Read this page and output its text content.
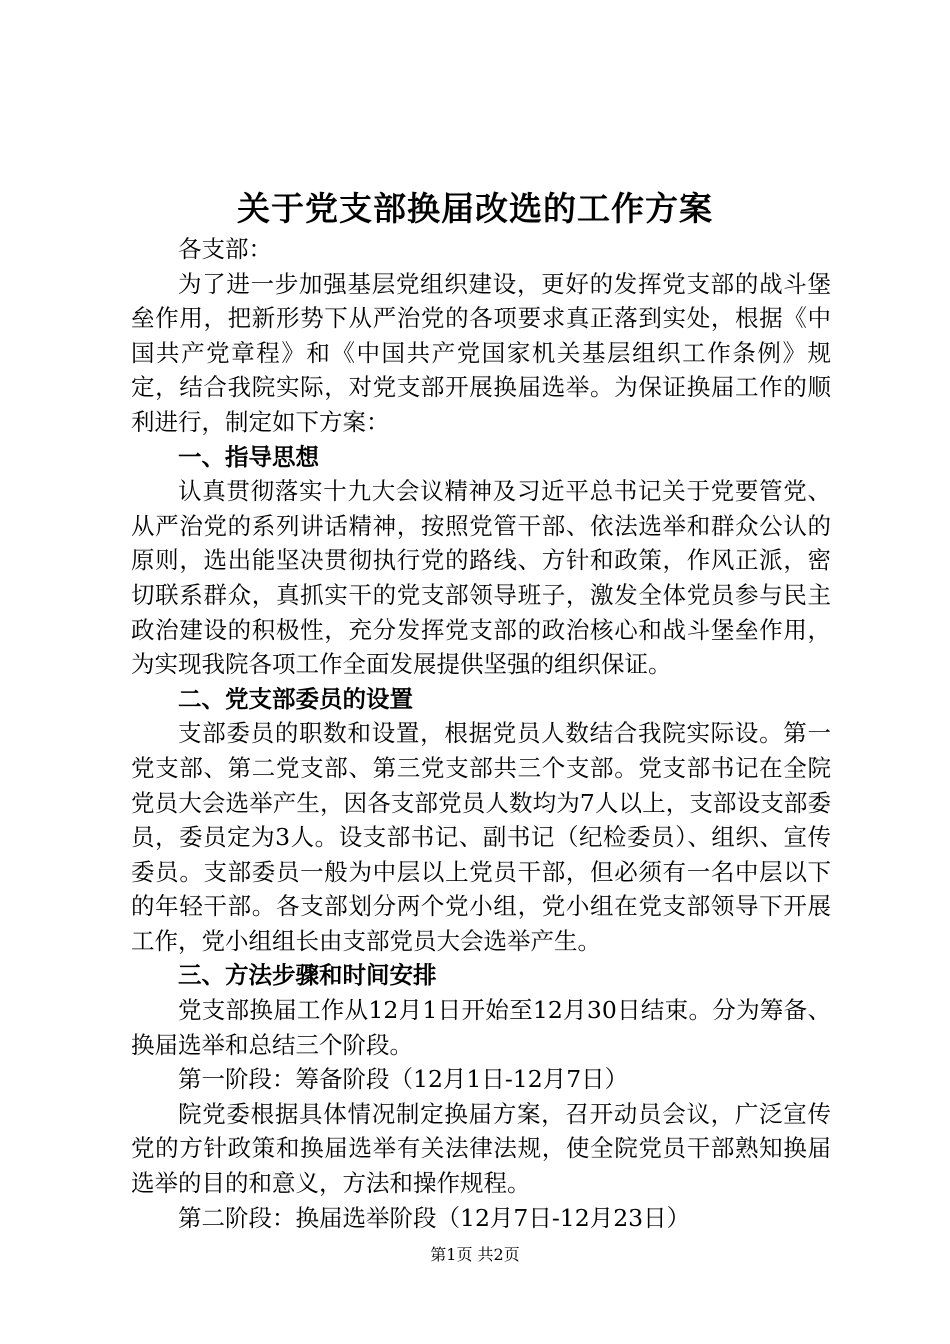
关于党支部换届改选的工作方案

各支部：

为了进一步加强基层党组织建设，更好的发挥党支部的战斗堡垒作用，把新形势下从严治党的各项要求真正落到实处，根据《中国共产党章程》和《中国共产党国家机关基层组织工作条例》规定，结合我院实际，对党支部开展换届选举。为保证换届工作的顺利进行，制定如下方案：

一、指导思想

认真贯彻落实十九大会议精神及习近平总书记关于党要管党、从严治党的系列讲话精神，按照党管干部、依法选举和群众公认的原则，选出能坚决贯彻执行党的路线、方针和政策，作风正派，密切联系群众，真抓实干的党支部领导班子，激发全体党员参与民主政治建设的积极性，充分发挥党支部的政治核心和战斗堡垒作用，为实现我院各项工作全面发展提供坚强的组织保证。

二、党支部委员的设置

支部委员的职数和设置，根据党员人数结合我院实际设。第一党支部、第二党支部、第三党支部共三个支部。党支部书记在全院党员大会选举产生，因各支部党员人数均为7人以上，支部设支部委员，委员定为3人。设支部书记、副书记（纪检委员）、组织、宣传委员。支部委员一般为中层以上党员干部，但必须有一名中层以下的年轻干部。各支部划分两个党小组，党小组在党支部领导下开展工作，党小组组长由支部党员大会选举产生。

三、方法步骤和时间安排

党支部换届工作从12月1日开始至12月30日结束。分为筹备、换届选举和总结三个阶段。

第一阶段：筹备阶段（12月1日-12月7日）

院党委根据具体情况制定换届方案，召开动员会议，广泛宣传党的方针政策和换届选举有关法律法规，使全院党员干部熟知换届选举的目的和意义，方法和操作规程。

第二阶段：换届选举阶段（12月7日-12月23日）

第1页 共2页
